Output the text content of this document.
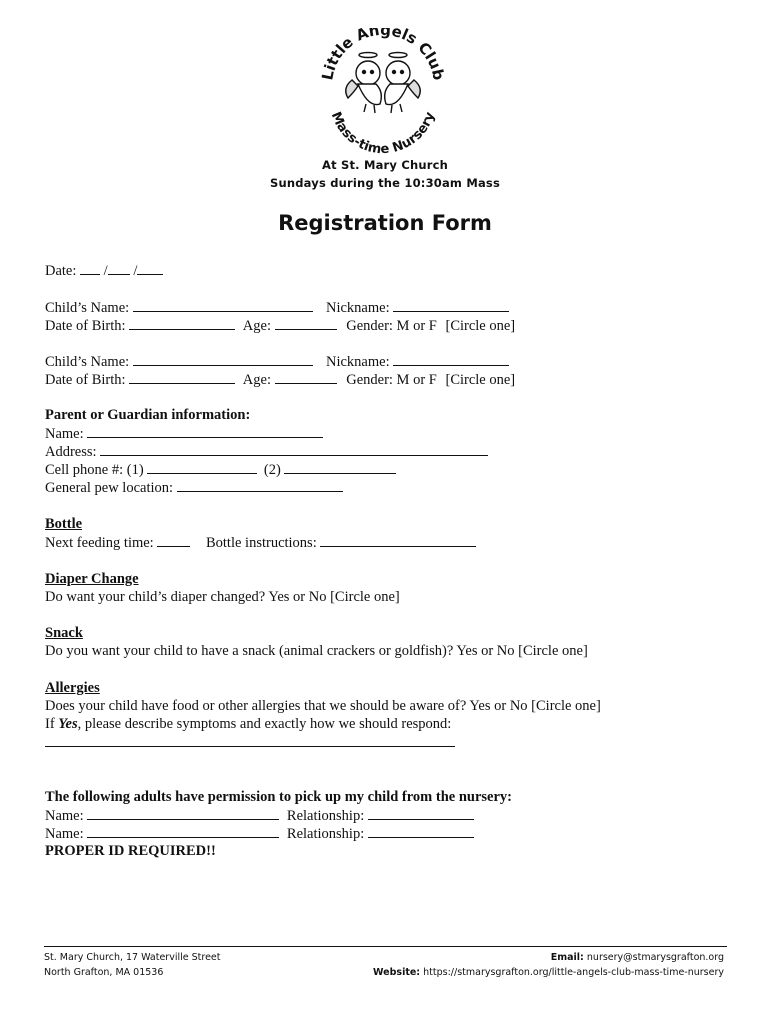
Little Angels Club
Mass-time Nursery
At St. Mary Church
Sundays during the 10:30am Mass
Registration Form
Date: / /
Child’s Name:	Nickname:
Date of Birth:	Age:	Gender: M or F [Circle one]
Child’s Name:	Nickname:
Date of Birth:	Age:	Gender: M or F [Circle one]
Parent or Guardian information:
Name:
Address:
Cell phone #: (1)	(2)
General pew location:
Bottle
Next feeding time:	Bottle instructions:
Diaper Change
Do want your child’s diaper changed? Yes or No [Circle one]
Snack
Do you want your child to have a snack (animal crackers or goldfish)? Yes or No [Circle one]
Allergies
Does your child have food or other allergies that we should be aware of? Yes or No [Circle one]
If Yes, please describe symptoms and exactly how we should respond:
The following adults have permission to pick up my child from the nursery:
Name:	Relationship:
Name:	Relationship:
PROPER ID REQUIRED!!
St. Mary Church, 17 Waterville Street
North Grafton, MA 01536
Email: nursery@stmarysgrafton.org
Website: https://stmarysgrafton.org/little-angels-club-mass-time-nursery
